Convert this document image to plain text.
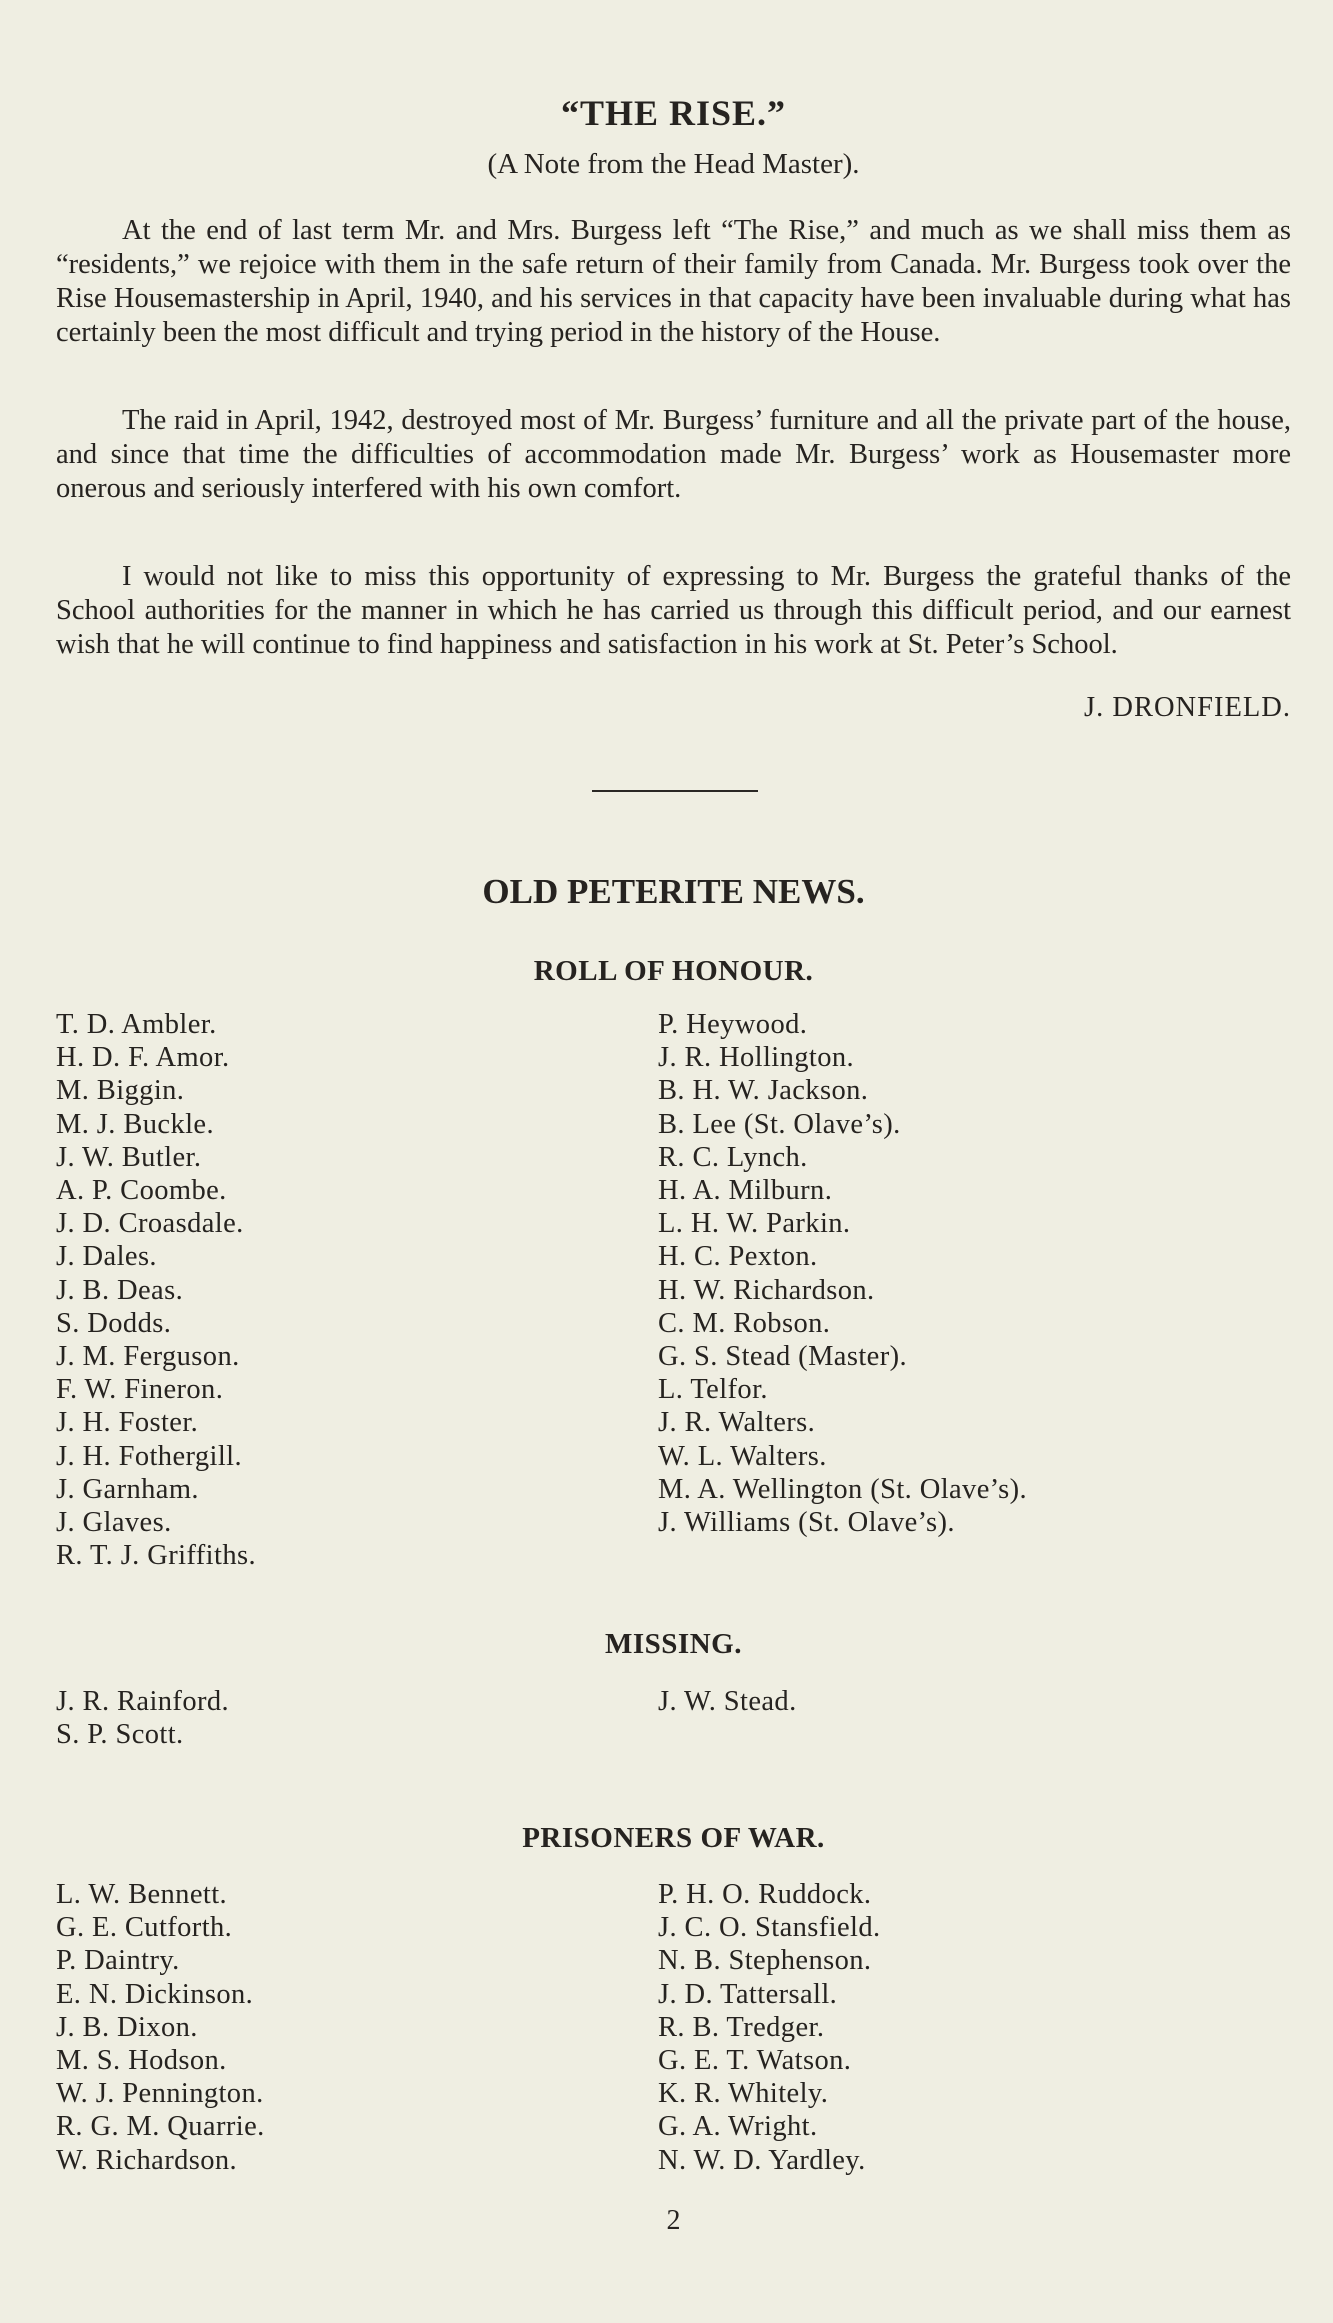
“THE RISE.”

(A Note from the Head Master).

At the end of last term Mr. and Mrs. Burgess left “The Rise,” and much as we shall miss them as “residents,” we rejoice with them in the safe return of their family from Canada. Mr. Burgess took over the Rise Housemastership in April, 1940, and his services in that capacity have been invaluable during what has certainly been the most difficult and trying period in the history of the House.

The raid in April, 1942, destroyed most of Mr. Burgess’ furniture and all the private part of the house, and since that time the difficulties of accommodation made Mr. Burgess’ work as Housemaster more onerous and seriously interfered with his own comfort.

I would not like to miss this opportunity of expressing to Mr. Burgess the grateful thanks of the School authorities for the manner in which he has carried us through this difficult period, and our earnest wish that he will continue to find happiness and satisfaction in his work at St. Peter’s School.

J. DRONFIELD.

OLD PETERITE NEWS.
ROLL OF HONOUR.
T. D. Ambler.
H. D. F. Amor.
M. Biggin.
M. J. Buckle.
J. W. Butler.
A. P. Coombe.
J. D. Croasdale.
J. Dales.
J. B. Deas.
S. Dodds.
J. M. Ferguson.
F. W. Fineron.
J. H. Foster.
J. H. Fothergill.
J. Garnham.
J. Glaves.
R. T. J. Griffiths.
P. Heywood.
J. R. Hollington.
B. H. W. Jackson.
B. Lee (St. Olave’s).
R. C. Lynch.
H. A. Milburn.
L. H. W. Parkin.
H. C. Pexton.
H. W. Richardson.
C. M. Robson.
G. S. Stead (Master).
L. Telfor.
J. R. Walters.
W. L. Walters.
M. A. Wellington (St. Olave’s).
J. Williams (St. Olave’s).
MISSING.
J. R. Rainford.
S. P. Scott.
J. W. Stead.
PRISONERS OF WAR.
L. W. Bennett.
G. E. Cutforth.
P. Daintry.
E. N. Dickinson.
J. B. Dixon.
M. S. Hodson.
W. J. Pennington.
R. G. M. Quarrie.
W. Richardson.
P. H. O. Ruddock.
J. C. O. Stansfield.
N. B. Stephenson.
J. D. Tattersall.
R. B. Tredger.
G. E. T. Watson.
K. R. Whitely.
G. A. Wright.
N. W. D. Yardley.

2
